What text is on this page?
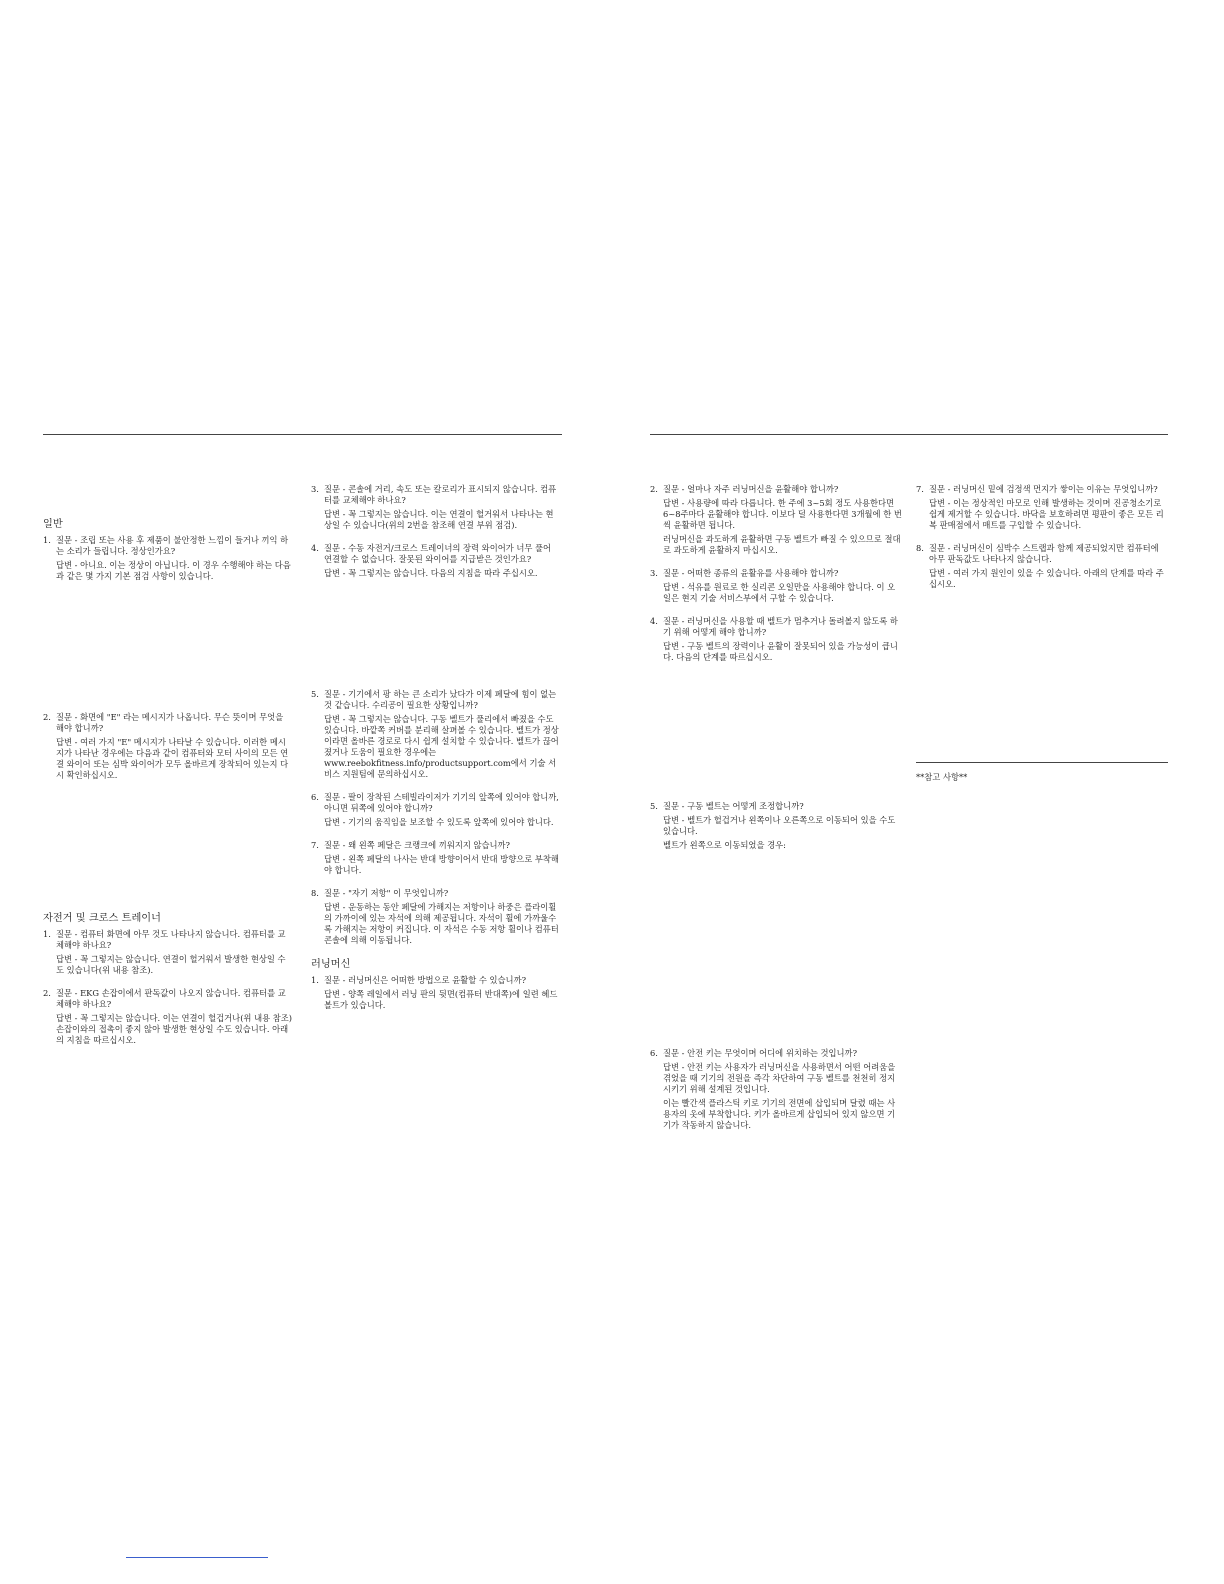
일반
1. 질문 - 조립 또는 사용 후 제품이 불안정한 느낌이 들거나 끼익 하는 소리가 들립니다. 정상인가요?

답변 - 아니요. 이는 정상이 아닙니다. 이 경우 수행해야 하는 다음과 같은 몇 가지 기본 점검 사항이 있습니다.

2. 질문 - 화면에 "E" 라는 메시지가 나옵니다. 무슨 뜻이며 무엇을 해야 합니까?

답변 - 여러 가지 "E" 메시지가 나타날 수 있습니다. 이러한 메시지가 나타난 경우에는 다음과 같이 컴퓨터와 모터 사이의 모든 연결 와이어 또는 심박 와이어가 모두 올바르게 장착되어 있는지 다시 확인하십시오.

자전거 및 크로스 트레이너
1. 질문 - 컴퓨터 화면에 아무 것도 나타나지 않습니다. 컴퓨터를 교체해야 하나요?

답변 - 꼭 그렇지는 않습니다. 연결이 헐거워서 발생한 현상일 수도 있습니다(위 내용 참조).

2. 질문 - EKG 손잡이에서 판독값이 나오지 않습니다. 컴퓨터를 교체해야 하나요?

답변 - 꼭 그렇지는 않습니다. 이는 연결이 헐겁거나(위 내용 참조) 손잡이와의 접촉이 좋지 않아 발생한 현상일 수도 있습니다. 아래의 지침을 따르십시오.

3. 질문 - 콘솔에 거리, 속도 또는 칼로리가 표시되지 않습니다. 컴퓨터를 교체해야 하나요?

답변 - 꼭 그렇지는 않습니다. 이는 연결이 헐거워서 나타나는 현상일 수 있습니다(위의 2번을 참조해 연결 부위 점검).

4. 질문 - 수동 자전거/크로스 트레이너의 장력 와이어가 너무 풀어 연결할 수 없습니다. 잘못된 와이어를 지급받은 것인가요?

답변 - 꼭 그렇지는 않습니다. 다음의 지침을 따라 주십시오.

5. 질문 - 기기에서 팡 하는 큰 소리가 났다가 이제 페달에 힘이 없는 것 같습니다. 수리공이 필요한 상황입니까?

답변 - 꼭 그렇지는 않습니다. 구동 벨트가 풀리에서 빠졌을 수도 있습니다. 바깥쪽 커버를 분리해 살펴볼 수 있습니다. 벨트가 정상이라면 올바른 경로로 다시 쉽게 설치할 수 있습니다. 벨트가 끊어졌거나 도움이 필요한 경우에는 www.reebokfitness.info/productsupport.com에서 기술 서비스 지원팀에 문의하십시오.

6. 질문 - 팔이 장착된 스테빌라이저가 기기의 앞쪽에 있어야 합니까, 아니면 뒤쪽에 있어야 합니까?

답변 - 기기의 움직임을 보조할 수 있도록 앞쪽에 있어야 합니다.

7. 질문 - 왜 왼쪽 페달은 크랭크에 끼워지지 않습니까?

답변 - 왼쪽 페달의 나사는 반대 방향이어서 반대 방향으로 부착해야 합니다.

8. 질문 - "자기 저항" 이 무엇입니까?

답변 - 운동하는 동안 페달에 가해지는 저항이나 하중은 플라이휠의 가까이에 있는 자석에 의해 제공됩니다. 자석이 휠에 가까울수록 가해지는 저항이 커집니다. 이 자석은 수동 저항 휠이나 컴퓨터 콘솔에 의해 이동됩니다.

러닝머신
1. 질문 - 러닝머신은 어떠한 방법으로 윤활할 수 있습니까?

답변 - 양쪽 레일에서 러닝 판의 뒷면(컴퓨터 반대쪽)에 일련 헤드 볼트가 있습니다.

2. 질문 - 얼마나 자주 러닝머신을 윤활해야 합니까?

답변 - 사용량에 따라 다릅니다. 한 주에 3~5회 정도 사용한다면 6~8주마다 윤활해야 합니다. 이보다 덜 사용한다면 3개월에 한 번씩 윤활하면 됩니다.

러닝머신을 과도하게 윤활하면 구동 벨트가 빠질 수 있으므로 절대로 과도하게 윤활하지 마십시오.

3. 질문 - 어떠한 종류의 윤활유를 사용해야 합니까?

답변 - 석유를 원료로 한 실리콘 오일만을 사용해야 합니다. 이 오일은 현지 기술 서비스부에서 구할 수 있습니다.

4. 질문 - 러닝머신을 사용할 때 벨트가 멈추거나 돌려볼지 않도록 하기 위해 어떻게 해야 합니까?

답변 - 구동 벨트의 장력이나 윤활이 잘못되어 있을 가능성이 큽니다. 다음의 단계를 따르십시오.

5. 질문 - 구동 벨트는 어떻게 조정합니까?

답변 - 벨트가 헐겁거나 왼쪽이나 오른쪽으로 이동되어 있을 수도 있습니다.

벨트가 왼쪽으로 이동되었을 경우:

6. 질문 - 안전 키는 무엇이며 어디에 위치하는 것입니까?

답변 - 안전 키는 사용자가 러닝머신을 사용하면서 어떤 어려움을 겪었을 때 기기의 전원을 즉각 차단하여 구동 벨트를 천천히 정지시키기 위해 설계된 것입니다.

이는 빨간색 플라스틱 키로 기기의 전면에 삽입되며 달렸 때는 사용자의 옷에 부착합니다. 키가 올바르게 삽입되어 있지 않으면 기기가 작동하지 않습니다.

7. 질문 - 러닝머신 밑에 검정색 먼지가 쌓이는 이유는 무엇입니까?

답변 - 이는 정상적인 마모로 인해 발생하는 것이며 진공청소기로 쉽게 제거할 수 있습니다. 바닥을 보호하려면 평판이 좋은 모든 리복 판매점에서 매트를 구입할 수 있습니다.

8. 질문 - 러닝머신이 심박수 스트랩과 함께 제공되었지만 컴퓨터에 아무 판독값도 나타나지 않습니다.

답변 - 여러 가지 원인이 있을 수 있습니다. 아래의 단계를 따라 주십시오.

**참고 사항**
